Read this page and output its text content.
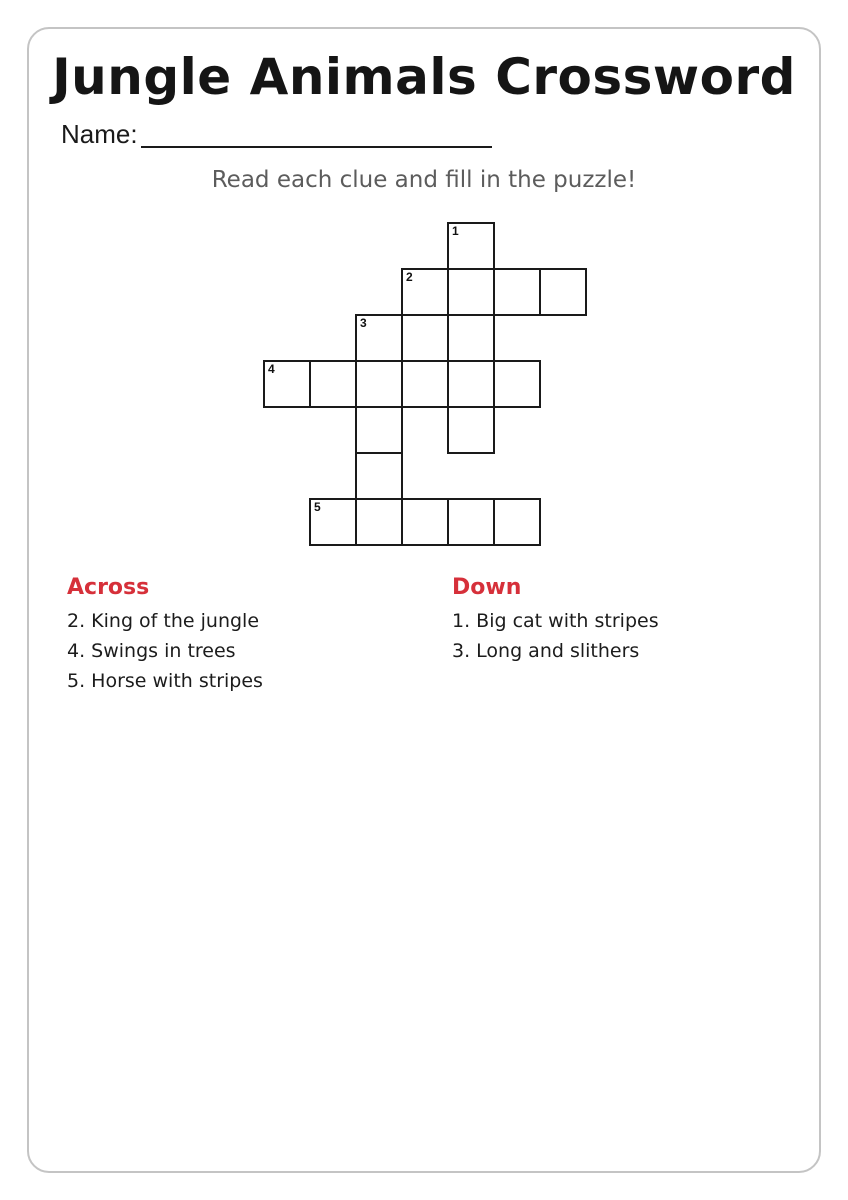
Jungle Animals Crossword
Name:
Read each clue and fill in the puzzle!
1
2
3
4
5
Across
2. King of the jungle
4. Swings in trees
5. Horse with stripes
Down
1. Big cat with stripes
3. Long and slithers
